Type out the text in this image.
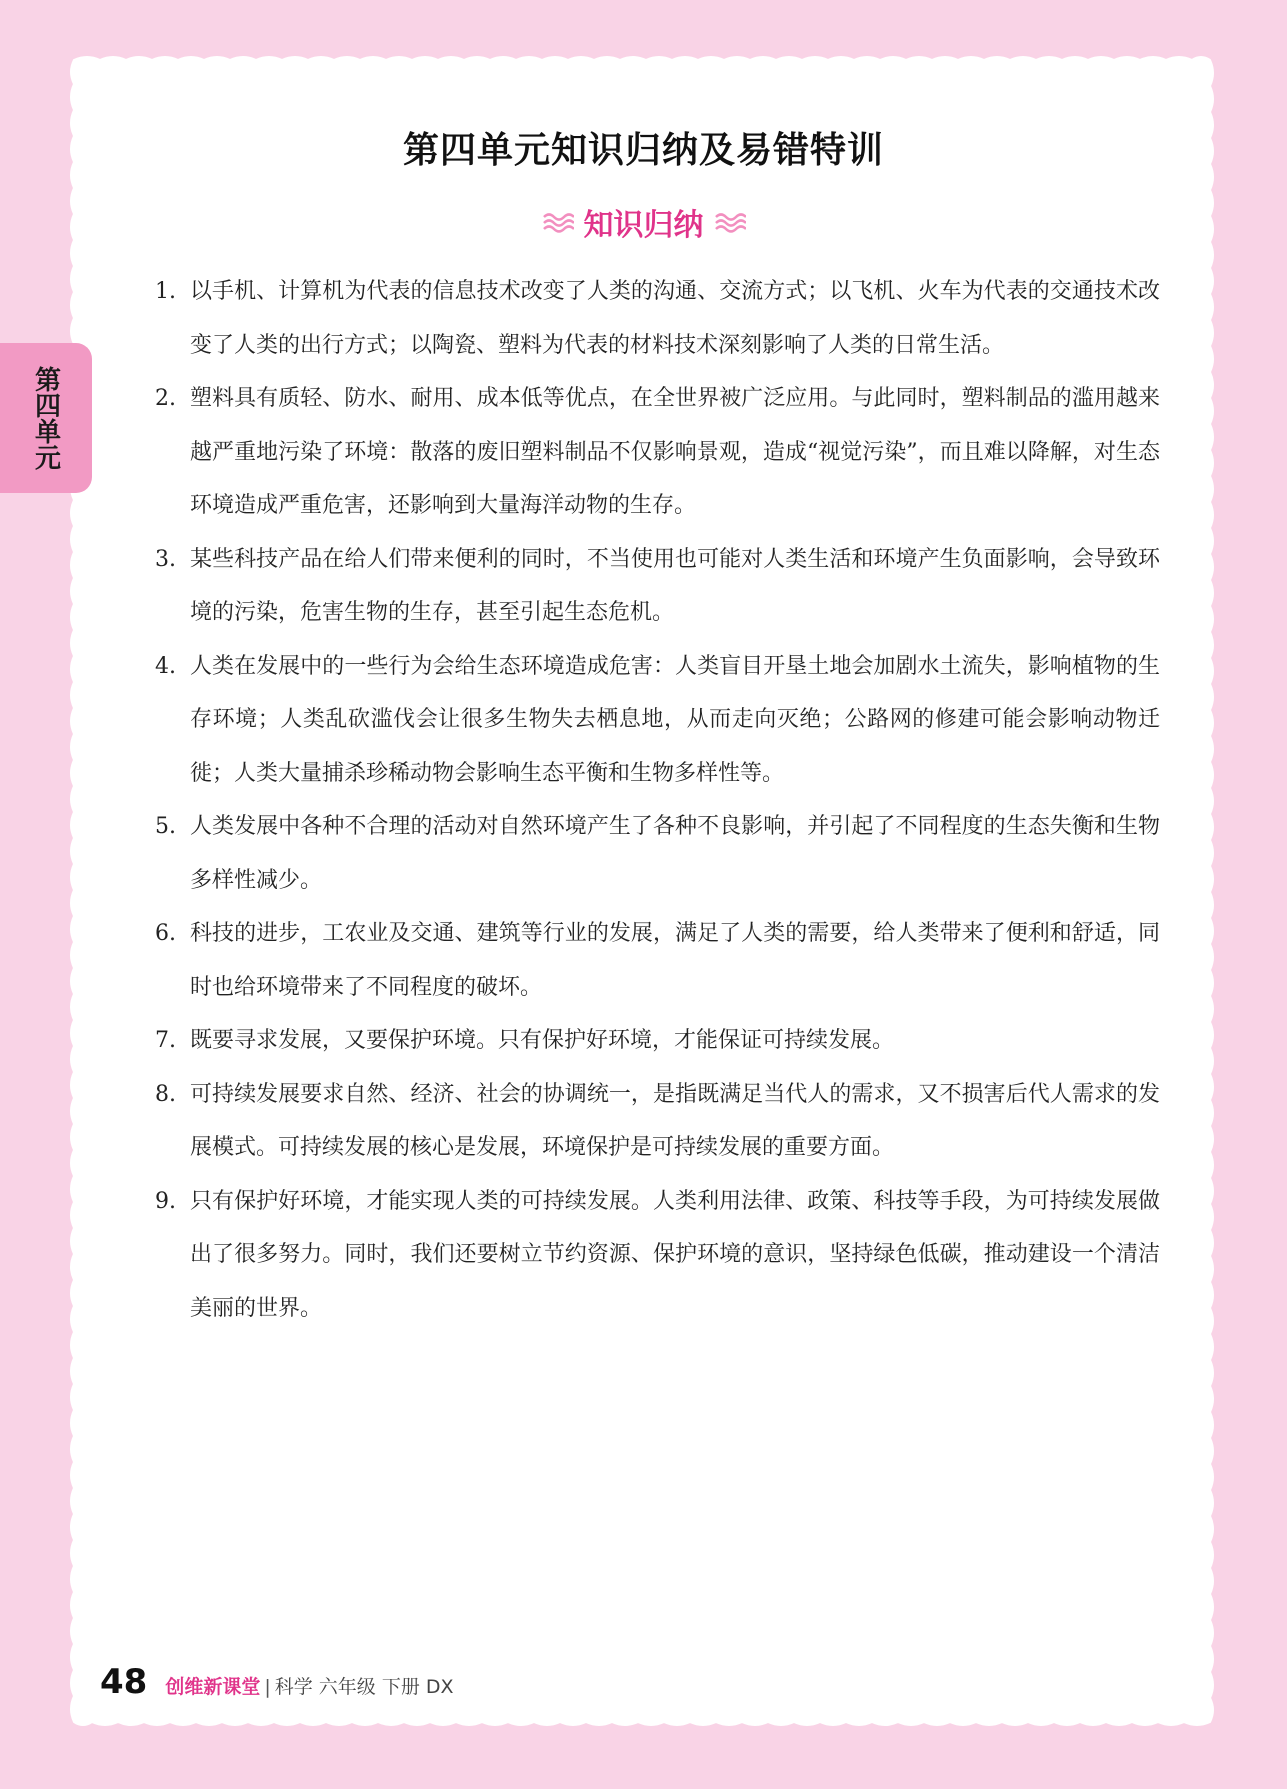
第四单元
第四单元知识归纳及易错特训
知识归纳
1. 以手机、计算机为代表的信息技术改变了人类的沟通、交流方式；以飞机、火车为代表的交通技术改变了人类的出行方式；以陶瓷、塑料为代表的材料技术深刻影响了人类的日常生活。
2. 塑料具有质轻、防水、耐用、成本低等优点，在全世界被广泛应用。与此同时，塑料制品的滥用越来越严重地污染了环境：散落的废旧塑料制品不仅影响景观，造成“视觉污染”，而且难以降解，对生态环境造成严重危害，还影响到大量海洋动物的生存。
3. 某些科技产品在给人们带来便利的同时，不当使用也可能对人类生活和环境产生负面影响，会导致环境的污染，危害生物的生存，甚至引起生态危机。
4. 人类在发展中的一些行为会给生态环境造成危害：人类盲目开垦土地会加剧水土流失，影响植物的生存环境；人类乱砍滥伐会让很多生物失去栖息地，从而走向灭绝；公路网的修建可能会影响动物迁徙；人类大量捕杀珍稀动物会影响生态平衡和生物多样性等。
5. 人类发展中各种不合理的活动对自然环境产生了各种不良影响，并引起了不同程度的生态失衡和生物多样性减少。
6. 科技的进步，工农业及交通、建筑等行业的发展，满足了人类的需要，给人类带来了便利和舒适，同时也给环境带来了不同程度的破坏。
7. 既要寻求发展，又要保护环境。只有保护好环境，才能保证可持续发展。
8. 可持续发展要求自然、经济、社会的协调统一，是指既满足当代人的需求，又不损害后代人需求的发展模式。可持续发展的核心是发展，环境保护是可持续发展的重要方面。
9. 只有保护好环境，才能实现人类的可持续发展。人类利用法律、政策、科技等手段，为可持续发展做出了很多努力。同时，我们还要树立节约资源、保护环境的意识，坚持绿色低碳，推动建设一个清洁美丽的世界。
48 创维新课堂 | 科学 六年级 下册 DX
